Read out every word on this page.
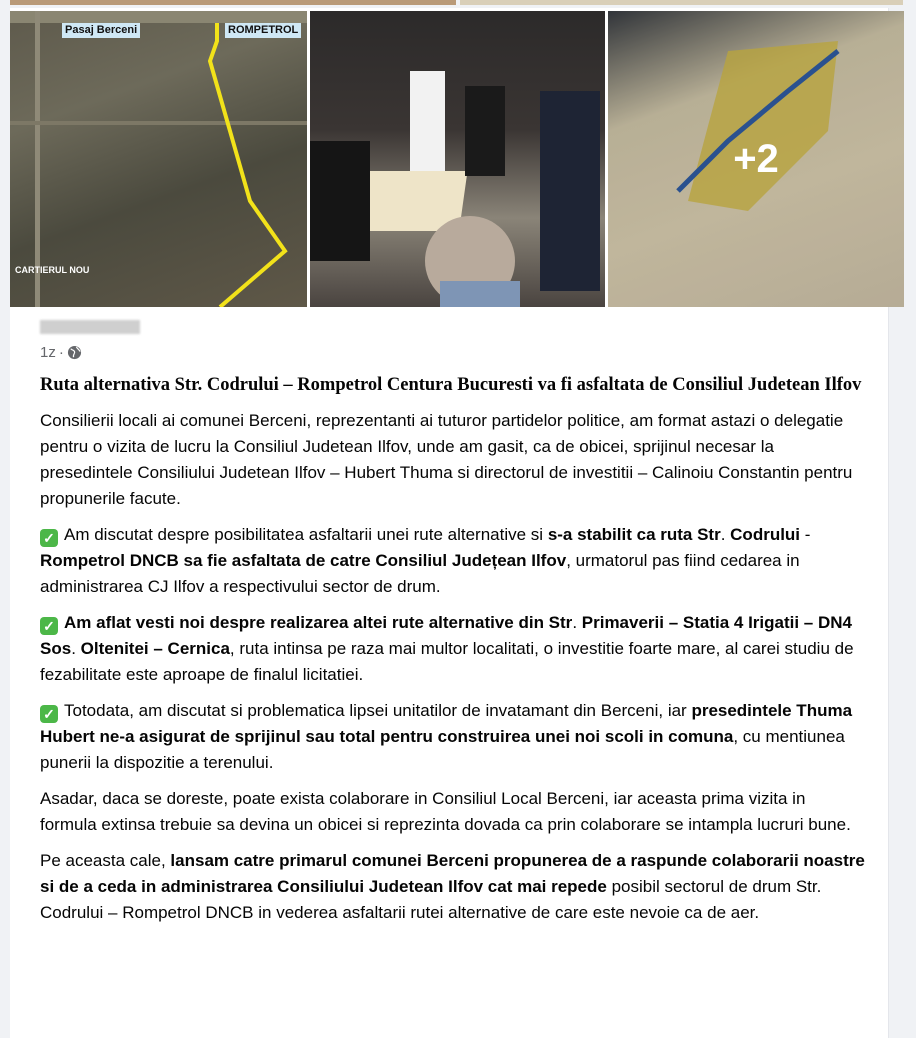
Pasaj Berceni	ROMPETROL
CARTIERUL NOU
+2
1z ·
Ruta alternativa Str. Codrului – Rompetrol Centura Bucuresti va fi asfaltata de Consiliul Judetean Ilfov

Consilierii locali ai comunei Berceni, reprezentanti ai tuturor partidelor politice, am format astazi o delegatie pentru o vizita de lucru la Consiliul Judetean Ilfov, unde am gasit, ca de obicei, sprijinul necesar la presedintele Consiliului Judetean Ilfov – Hubert Thuma si directorul de investitii – Calinoiu Constantin pentru propunerile facute.

✓ Am discutat despre posibilitatea asfaltarii unei rute alternative si s-a stabilit ca ruta Str. Codrului - Rompetrol DNCB sa fie asfaltata de catre Consiliul Județean Ilfov, urmatorul pas fiind cedarea in administrarea CJ Ilfov a respectivului sector de drum.

✓ Am aflat vesti noi despre realizarea altei rute alternative din Str. Primaverii – Statia 4 Irigatii – DN4 Sos. Oltenitei – Cernica, ruta intinsa pe raza mai multor localitati, o investitie foarte mare, al carei studiu de fezabilitate este aproape de finalul licitatiei.

✓ Totodata, am discutat si problematica lipsei unitatilor de invatamant din Berceni, iar presedintele Thuma Hubert ne-a asigurat de sprijinul sau total pentru construirea unei noi scoli in comuna, cu mentiunea punerii la dispozitie a terenului.

Asadar, daca se doreste, poate exista colaborare in Consiliul Local Berceni, iar aceasta prima vizita in formula extinsa trebuie sa devina un obicei si reprezinta dovada ca prin colaborare se intampla lucruri bune.

Pe aceasta cale, lansam catre primarul comunei Berceni propunerea de a raspunde colaborarii noastre si de a ceda in administrarea Consiliului Judetean Ilfov cat mai repede posibil sectorul de drum Str. Codrului – Rompetrol DNCB in vederea asfaltarii rutei alternative de care este nevoie ca de aer.
